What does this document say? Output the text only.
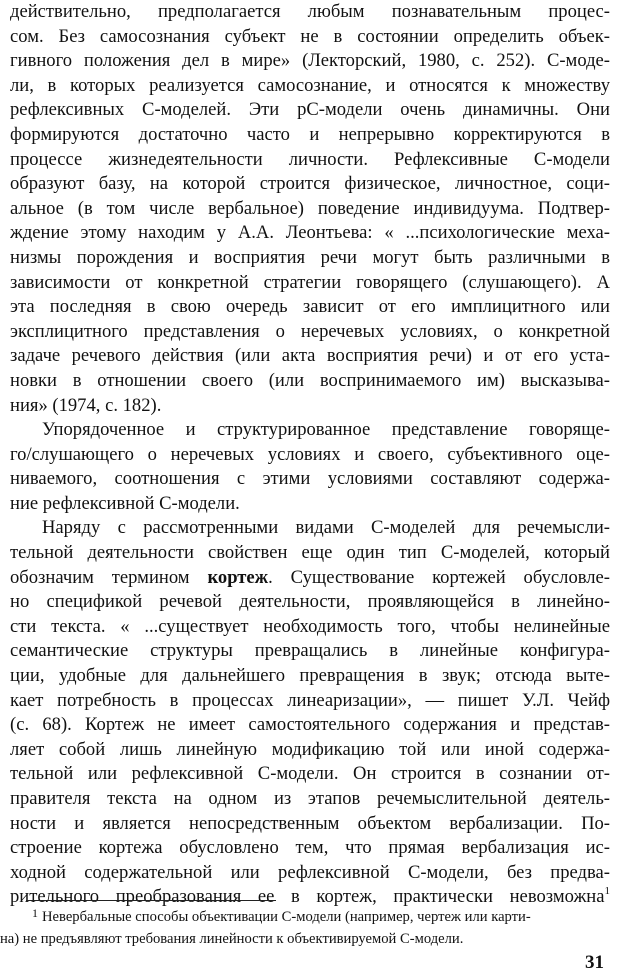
действительно, предполагается любым познавательным процес-
сом. Без самосознания субъект не в состоянии определить объек-
гивного положения дел в мире» (Лекторский, 1980, с. 252). С-моде-
ли, в которых реализуется самосознание, и относятся к множеству
рефлексивных С-моделей. Эти рС-модели очень динамичны. Они
формируются достаточно часто и непрерывно корректируются в
процессе жизнедеятельности личности. Рефлексивные С-модели
образуют базу, на которой строится физическое, личностное, соци-
альное (в том числе вербальное) поведение индивидуума. Подтвер-
ждение этому находим у А.А. Леонтьева: « ...психологические меха-
низмы порождения и восприятия речи могут быть различными в
зависимости от конкретной стратегии говорящего (слушающего). А
эта последняя в свою очередь зависит от его имплицитного или
эксплицитного представления о неречевых условиях, о конкретной
задаче речевого действия (или акта восприятия речи) и от его уста-
новки в отношении своего (или воспринимаемого им) высказыва-
ния» (1974, с. 182).
Упорядоченное и структурированное представление говоряще-
го/слушающего о неречевых условиях и своего, субъективного оце-
ниваемого, соотношения с этими условиями составляют содержа-
ние рефлексивной С-модели.
Наряду с рассмотренными видами С-моделей для речемысли-
тельной деятельности свойствен еще один тип С-моделей, который
обозначим термином кортеж. Существование кортежей обусловле-
но спецификой речевой деятельности, проявляющейся в линейно-
сти текста. « ...существует необходимость того, чтобы нелинейные
семантические структуры превращались в линейные конфигура-
ции, удобные для дальнейшего превращения в звук; отсюда выте-
кает потребность в процессах линеаризации», — пишет У.Л. Чейф
(с. 68). Кортеж не имеет самостоятельного содержания и представ-
ляет собой лишь линейную модификацию той или иной содержа-
тельной или рефлексивной С-модели. Он строится в сознании от-
правителя текста на одном из этапов речемыслительной деятель-
ности и является непосредственным объектом вербализации. По-
строение кортежа обусловлено тем, что прямая вербализация ис-
ходной содержательной или рефлексивной С-модели, без предва-
рительного преобразования ее в кортеж, практически невозможна$^1$
$^1$ Невербальные способы объективации С-модели (например, чертеж или карти-
на) не предъявляют требования линейности к объективируемой С-модели.
31
